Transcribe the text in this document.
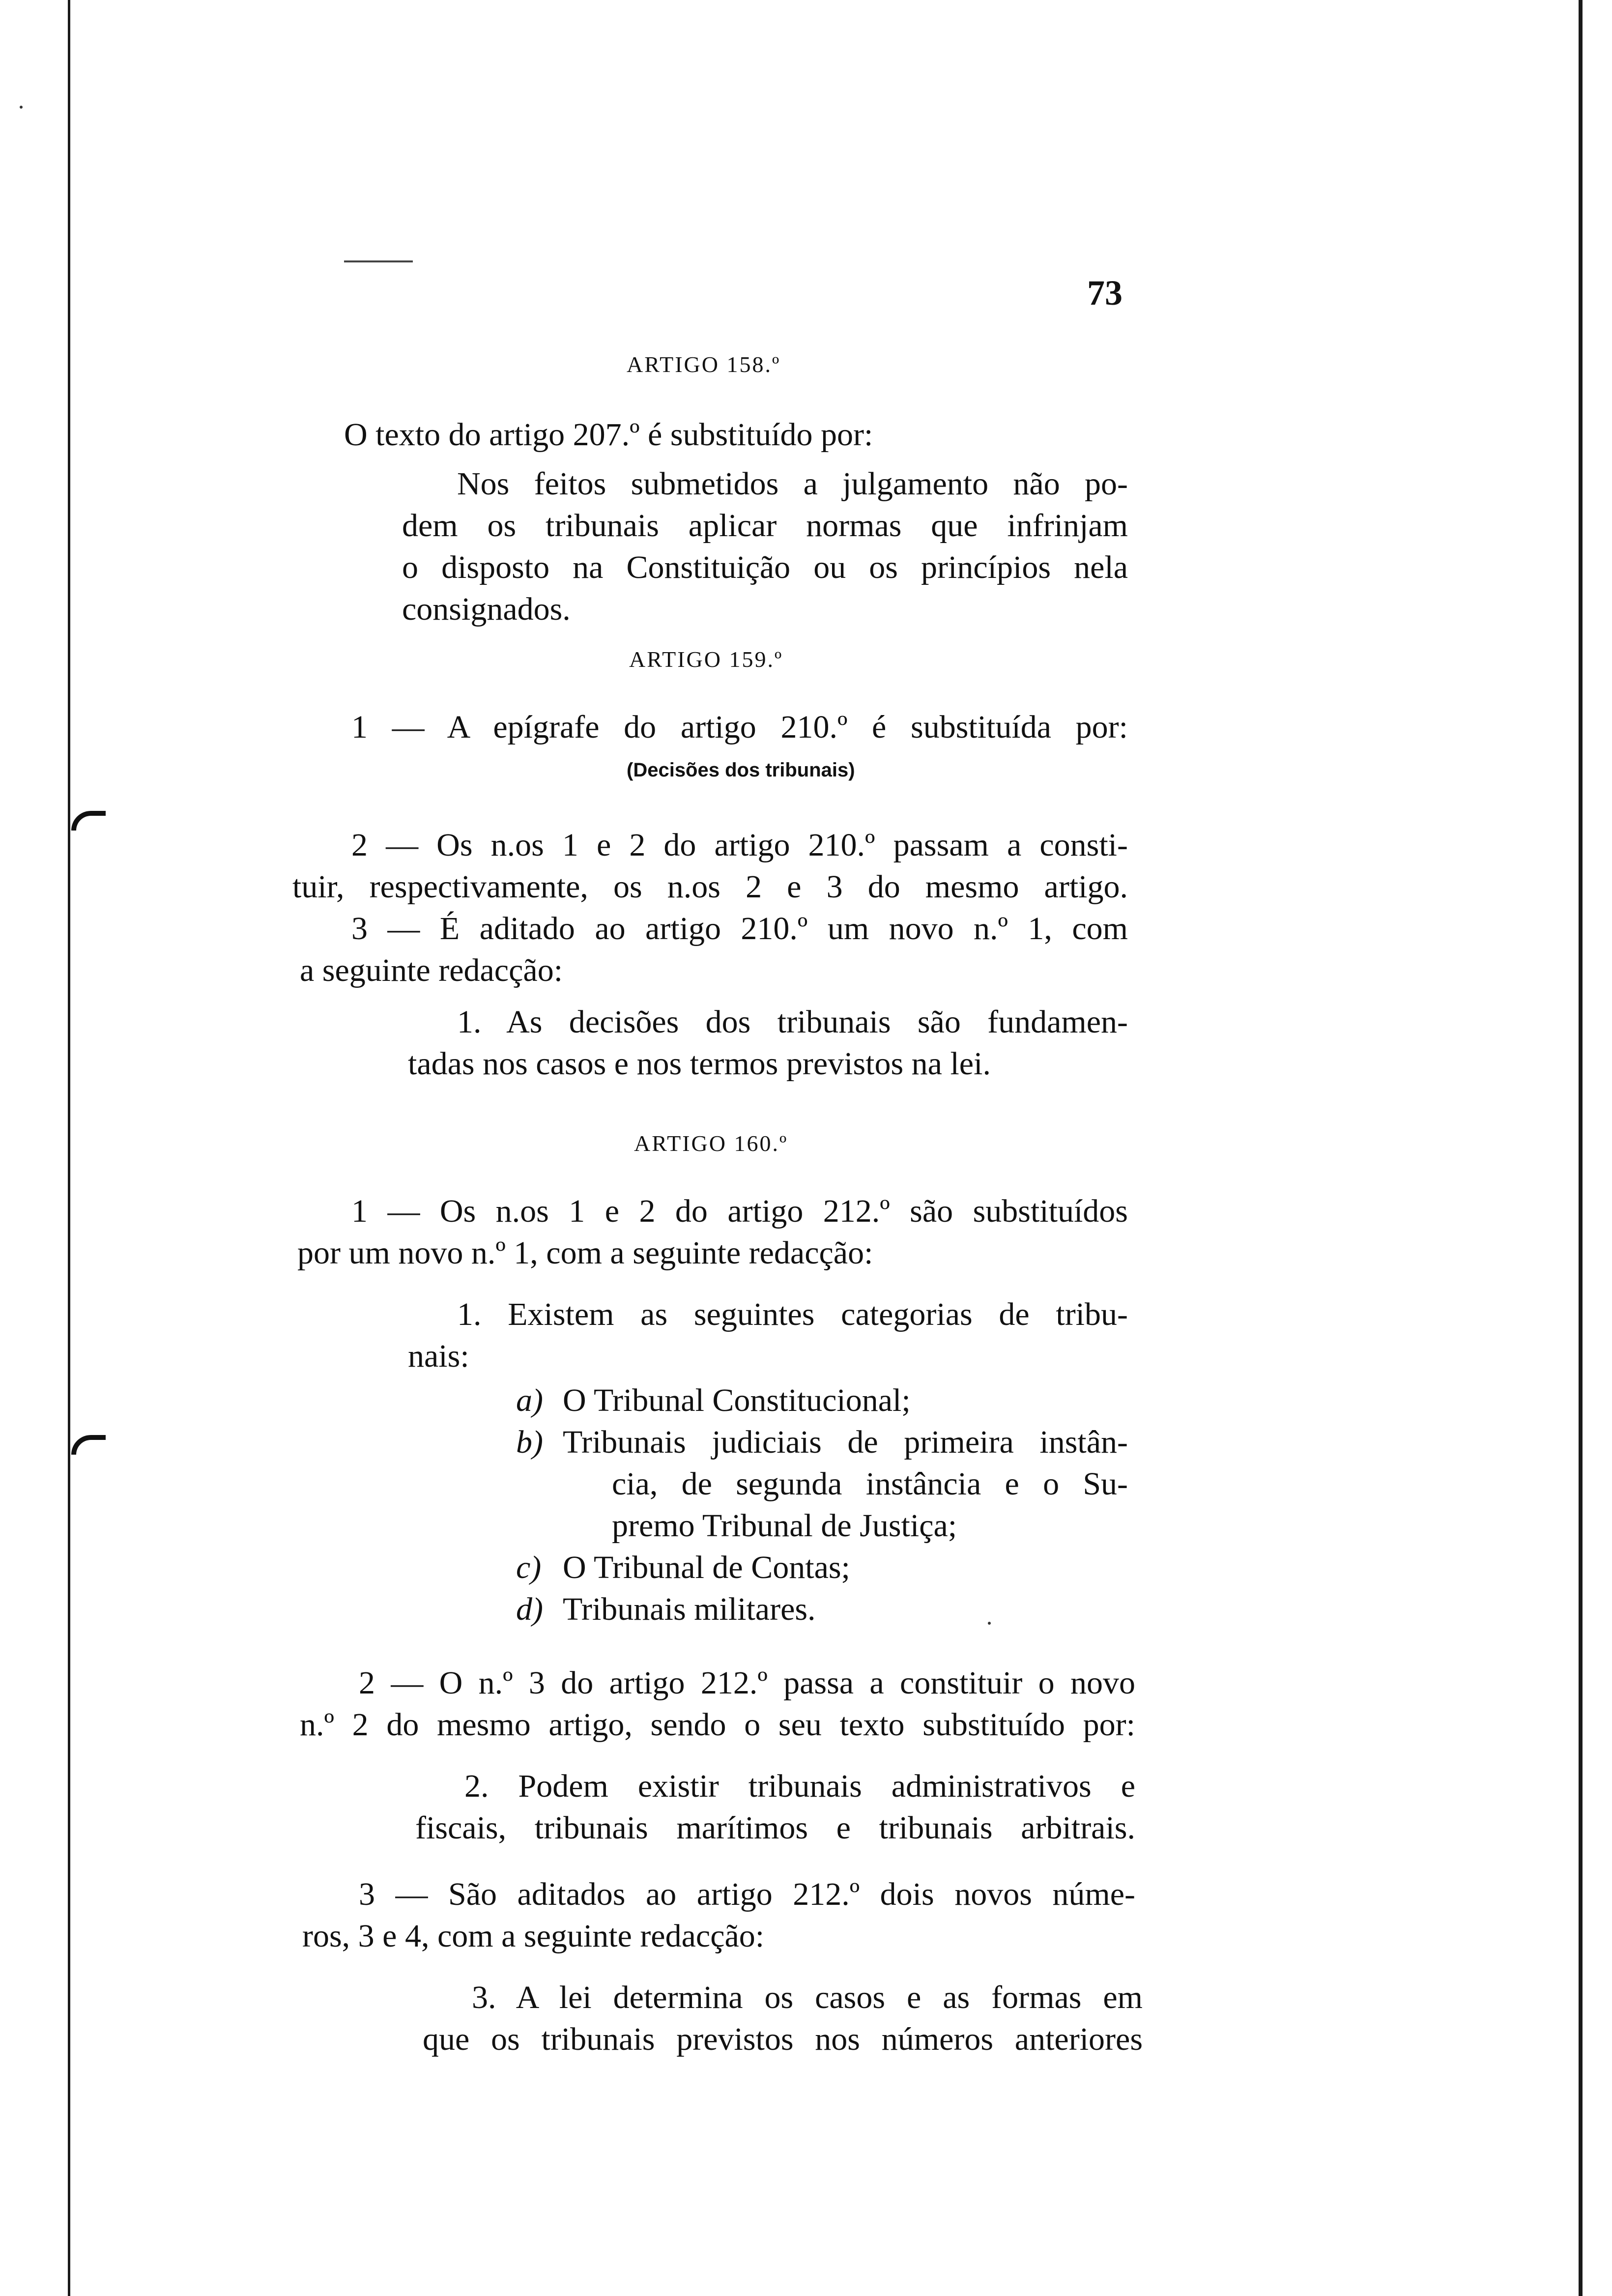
73
ARTIGO 158.º
O texto do artigo 207.º é substituído por:
Nos feitos submetidos a julgamento não po-
dem os tribunais aplicar normas que infrinjam
o disposto na Constituição ou os princípios nela
consignados.
ARTIGO 159.º
1 — A epígrafe do artigo 210.º é substituída por:
(Decisões dos tribunais)
2 — Os n.os 1 e 2 do artigo 210.º passam a consti-
tuir, respectivamente, os n.os 2 e 3 do mesmo artigo.
3 — É aditado ao artigo 210.º um novo n.º 1, com
a seguinte redacção:
1. As decisões dos tribunais são fundamen-
tadas nos casos e nos termos previstos na lei.
ARTIGO 160.º
1 — Os n.os 1 e 2 do artigo 212.º são substituídos
por um novo n.º 1, com a seguinte redacção:
1. Existem as seguintes categorias de tribu-
nais:
a) O Tribunal Constitucional;
b) Tribunais judiciais de primeira instân-
cia, de segunda instância e o Su-
premo Tribunal de Justiça;
c) O Tribunal de Contas;
d) Tribunais militares.
2 — O n.º 3 do artigo 212.º passa a constituir o novo
n.º 2 do mesmo artigo, sendo o seu texto substituído por:
2. Podem existir tribunais administrativos e
fiscais, tribunais marítimos e tribunais arbitrais.
3 — São aditados ao artigo 212.º dois novos núme-
ros, 3 e 4, com a seguinte redacção:
3. A lei determina os casos e as formas em
que os tribunais previstos nos números anteriores
